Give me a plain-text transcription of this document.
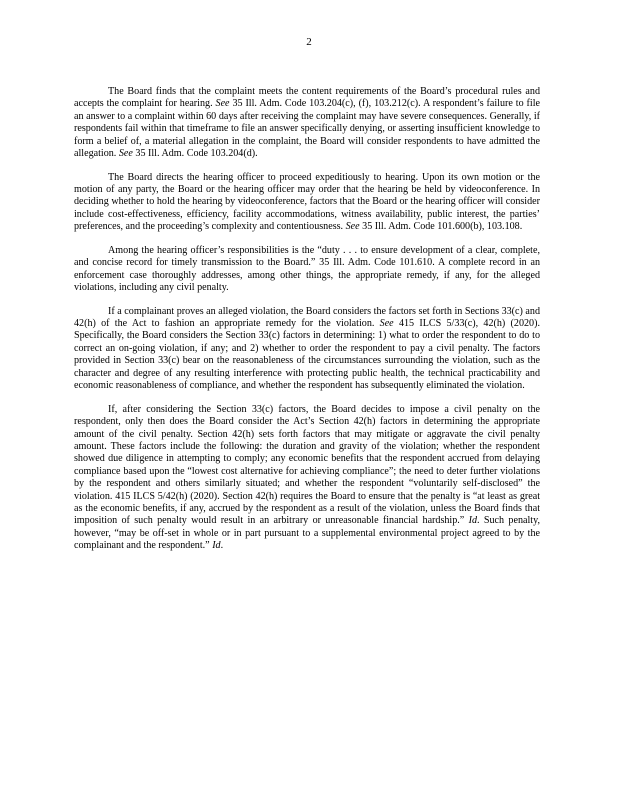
2

The Board finds that the complaint meets the content requirements of the Board’s procedural rules and accepts the complaint for hearing. See 35 Ill. Adm. Code 103.204(c), (f), 103.212(c). A respondent’s failure to file an answer to a complaint within 60 days after receiving the complaint may have severe consequences. Generally, if respondents fail within that timeframe to file an answer specifically denying, or asserting insufficient knowledge to form a belief of, a material allegation in the complaint, the Board will consider respondents to have admitted the allegation. See 35 Ill. Adm. Code 103.204(d).

The Board directs the hearing officer to proceed expeditiously to hearing. Upon its own motion or the motion of any party, the Board or the hearing officer may order that the hearing be held by videoconference. In deciding whether to hold the hearing by videoconference, factors that the Board or the hearing officer will consider include cost-effectiveness, efficiency, facility accommodations, witness availability, public interest, the parties’ preferences, and the proceeding’s complexity and contentiousness. See 35 Ill. Adm. Code 101.600(b), 103.108.

Among the hearing officer’s responsibilities is the “duty . . . to ensure development of a clear, complete, and concise record for timely transmission to the Board.” 35 Ill. Adm. Code 101.610. A complete record in an enforcement case thoroughly addresses, among other things, the appropriate remedy, if any, for the alleged violations, including any civil penalty.

If a complainant proves an alleged violation, the Board considers the factors set forth in Sections 33(c) and 42(h) of the Act to fashion an appropriate remedy for the violation. See 415 ILCS 5/33(c), 42(h) (2020). Specifically, the Board considers the Section 33(c) factors in determining: 1) what to order the respondent to do to correct an on-going violation, if any; and 2) whether to order the respondent to pay a civil penalty. The factors provided in Section 33(c) bear on the reasonableness of the circumstances surrounding the violation, such as the character and degree of any resulting interference with protecting public health, the technical practicability and economic reasonableness of compliance, and whether the respondent has subsequently eliminated the violation.

If, after considering the Section 33(c) factors, the Board decides to impose a civil penalty on the respondent, only then does the Board consider the Act’s Section 42(h) factors in determining the appropriate amount of the civil penalty. Section 42(h) sets forth factors that may mitigate or aggravate the civil penalty amount. These factors include the following: the duration and gravity of the violation; whether the respondent showed due diligence in attempting to comply; any economic benefits that the respondent accrued from delaying compliance based upon the “lowest cost alternative for achieving compliance”; the need to deter further violations by the respondent and others similarly situated; and whether the respondent “voluntarily self-disclosed” the violation. 415 ILCS 5/42(h) (2020). Section 42(h) requires the Board to ensure that the penalty is “at least as great as the economic benefits, if any, accrued by the respondent as a result of the violation, unless the Board finds that imposition of such penalty would result in an arbitrary or unreasonable financial hardship.” Id. Such penalty, however, “may be off-set in whole or in part pursuant to a supplemental environmental project agreed to by the complainant and the respondent.” Id.
